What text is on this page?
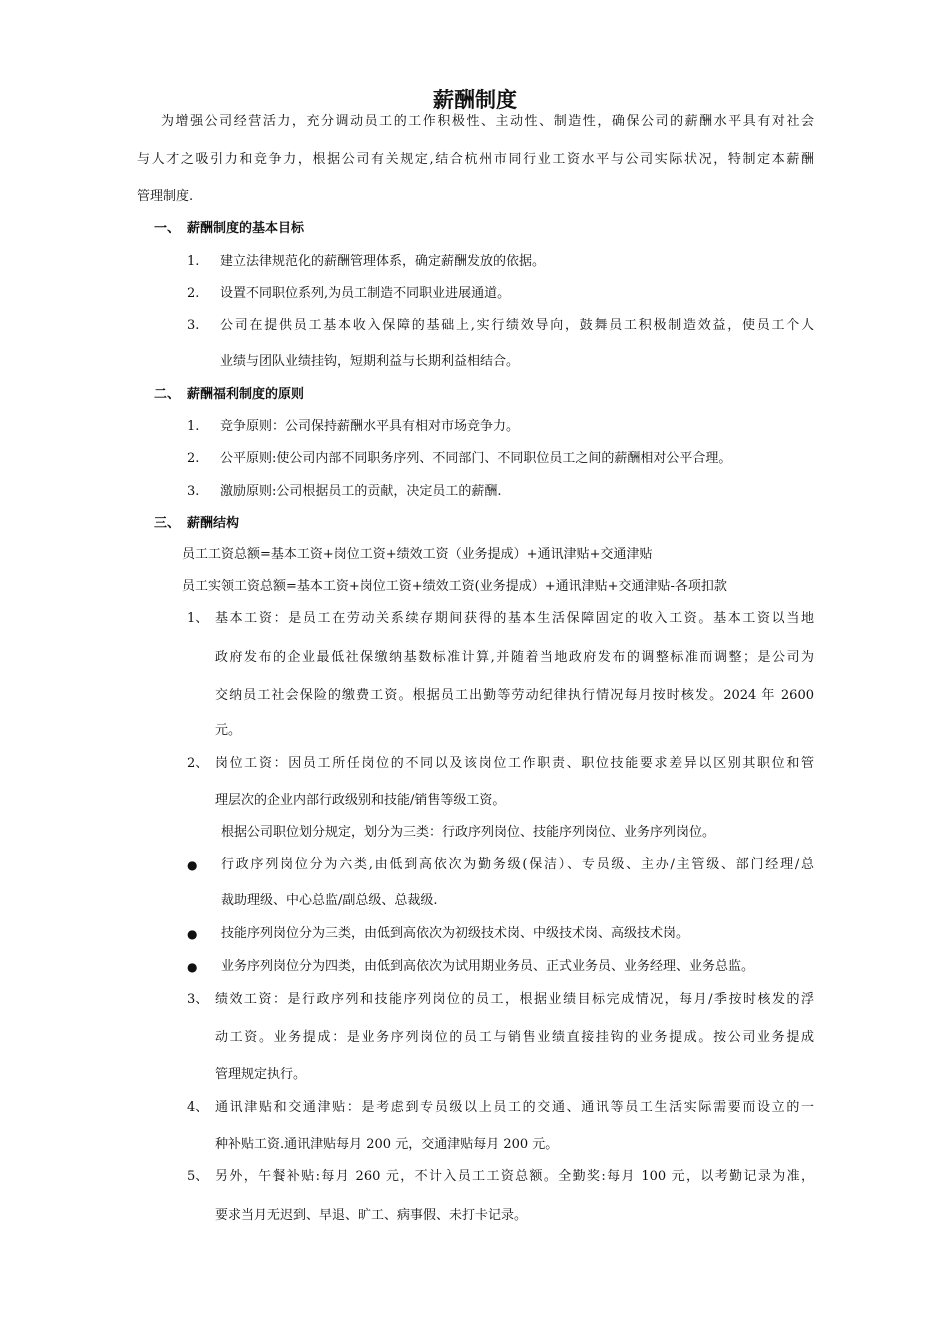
薪酬制度
为增强公司经营活力，充分调动员工的工作积极性、主动性、制造性，确保公司的薪酬水平具有对社会
与人才之吸引力和竞争力，根据公司有关规定,结合杭州市同行业工资水平与公司实际状况，特制定本薪酬
管理制度.
一、 薪酬制度的基本目标
1. 建立法律规范化的薪酬管理体系，确定薪酬发放的依据。
2. 设置不同职位系列,为员工制造不同职业进展通道。
3. 公司在提供员工基本收入保障的基础上,实行绩效导向，鼓舞员工积极制造效益，使员工个人
业绩与团队业绩挂钩，短期利益与长期利益相结合。
二、 薪酬福利制度的原则
1. 竞争原则：公司保持薪酬水平具有相对市场竞争力。
2. 公平原则:使公司内部不同职务序列、不同部门、不同职位员工之间的薪酬相对公平合理。
3. 激励原则:公司根据员工的贡献，决定员工的薪酬.
三、 薪酬结构
员工工资总额=基本工资+岗位工资+绩效工资（业务提成）+通讯津贴+交通津贴
员工实领工资总额=基本工资+岗位工资+绩效工资(业务提成）+通讯津贴+交通津贴-各项扣款
1、 基本工资：是员工在劳动关系续存期间获得的基本生活保障固定的收入工资。基本工资以当地
政府发布的企业最低社保缴纳基数标准计算,并随着当地政府发布的调整标准而调整；是公司为
交纳员工社会保险的缴费工资。根据员工出勤等劳动纪律执行情况每月按时核发。2024 年 2600
元。
2、 岗位工资：因员工所任岗位的不同以及该岗位工作职责、职位技能要求差异以区别其职位和管
理层次的企业内部行政级别和技能/销售等级工资。
根据公司职位划分规定，划分为三类：行政序列岗位、技能序列岗位、业务序列岗位。
● 行政序列岗位分为六类,由低到高依次为勤务级(保洁）、专员级、主办/主管级、部门经理/总
裁助理级、中心总监/副总级、总裁级.
● 技能序列岗位分为三类，由低到高依次为初级技术岗、中级技术岗、高级技术岗。
● 业务序列岗位分为四类，由低到高依次为试用期业务员、正式业务员、业务经理、业务总监。
3、 绩效工资：是行政序列和技能序列岗位的员工，根据业绩目标完成情况，每月/季按时核发的浮
动工资。业务提成：是业务序列岗位的员工与销售业绩直接挂钩的业务提成。按公司业务提成
管理规定执行。
4、 通讯津贴和交通津贴：是考虑到专员级以上员工的交通、通讯等员工生活实际需要而设立的一
种补贴工资.通讯津贴每月 200 元，交通津贴每月 200 元。
5、 另外，午餐补贴:每月 260 元，不计入员工工资总额。全勤奖:每月 100 元，以考勤记录为准，
要求当月无迟到、早退、旷工、病事假、未打卡记录。
